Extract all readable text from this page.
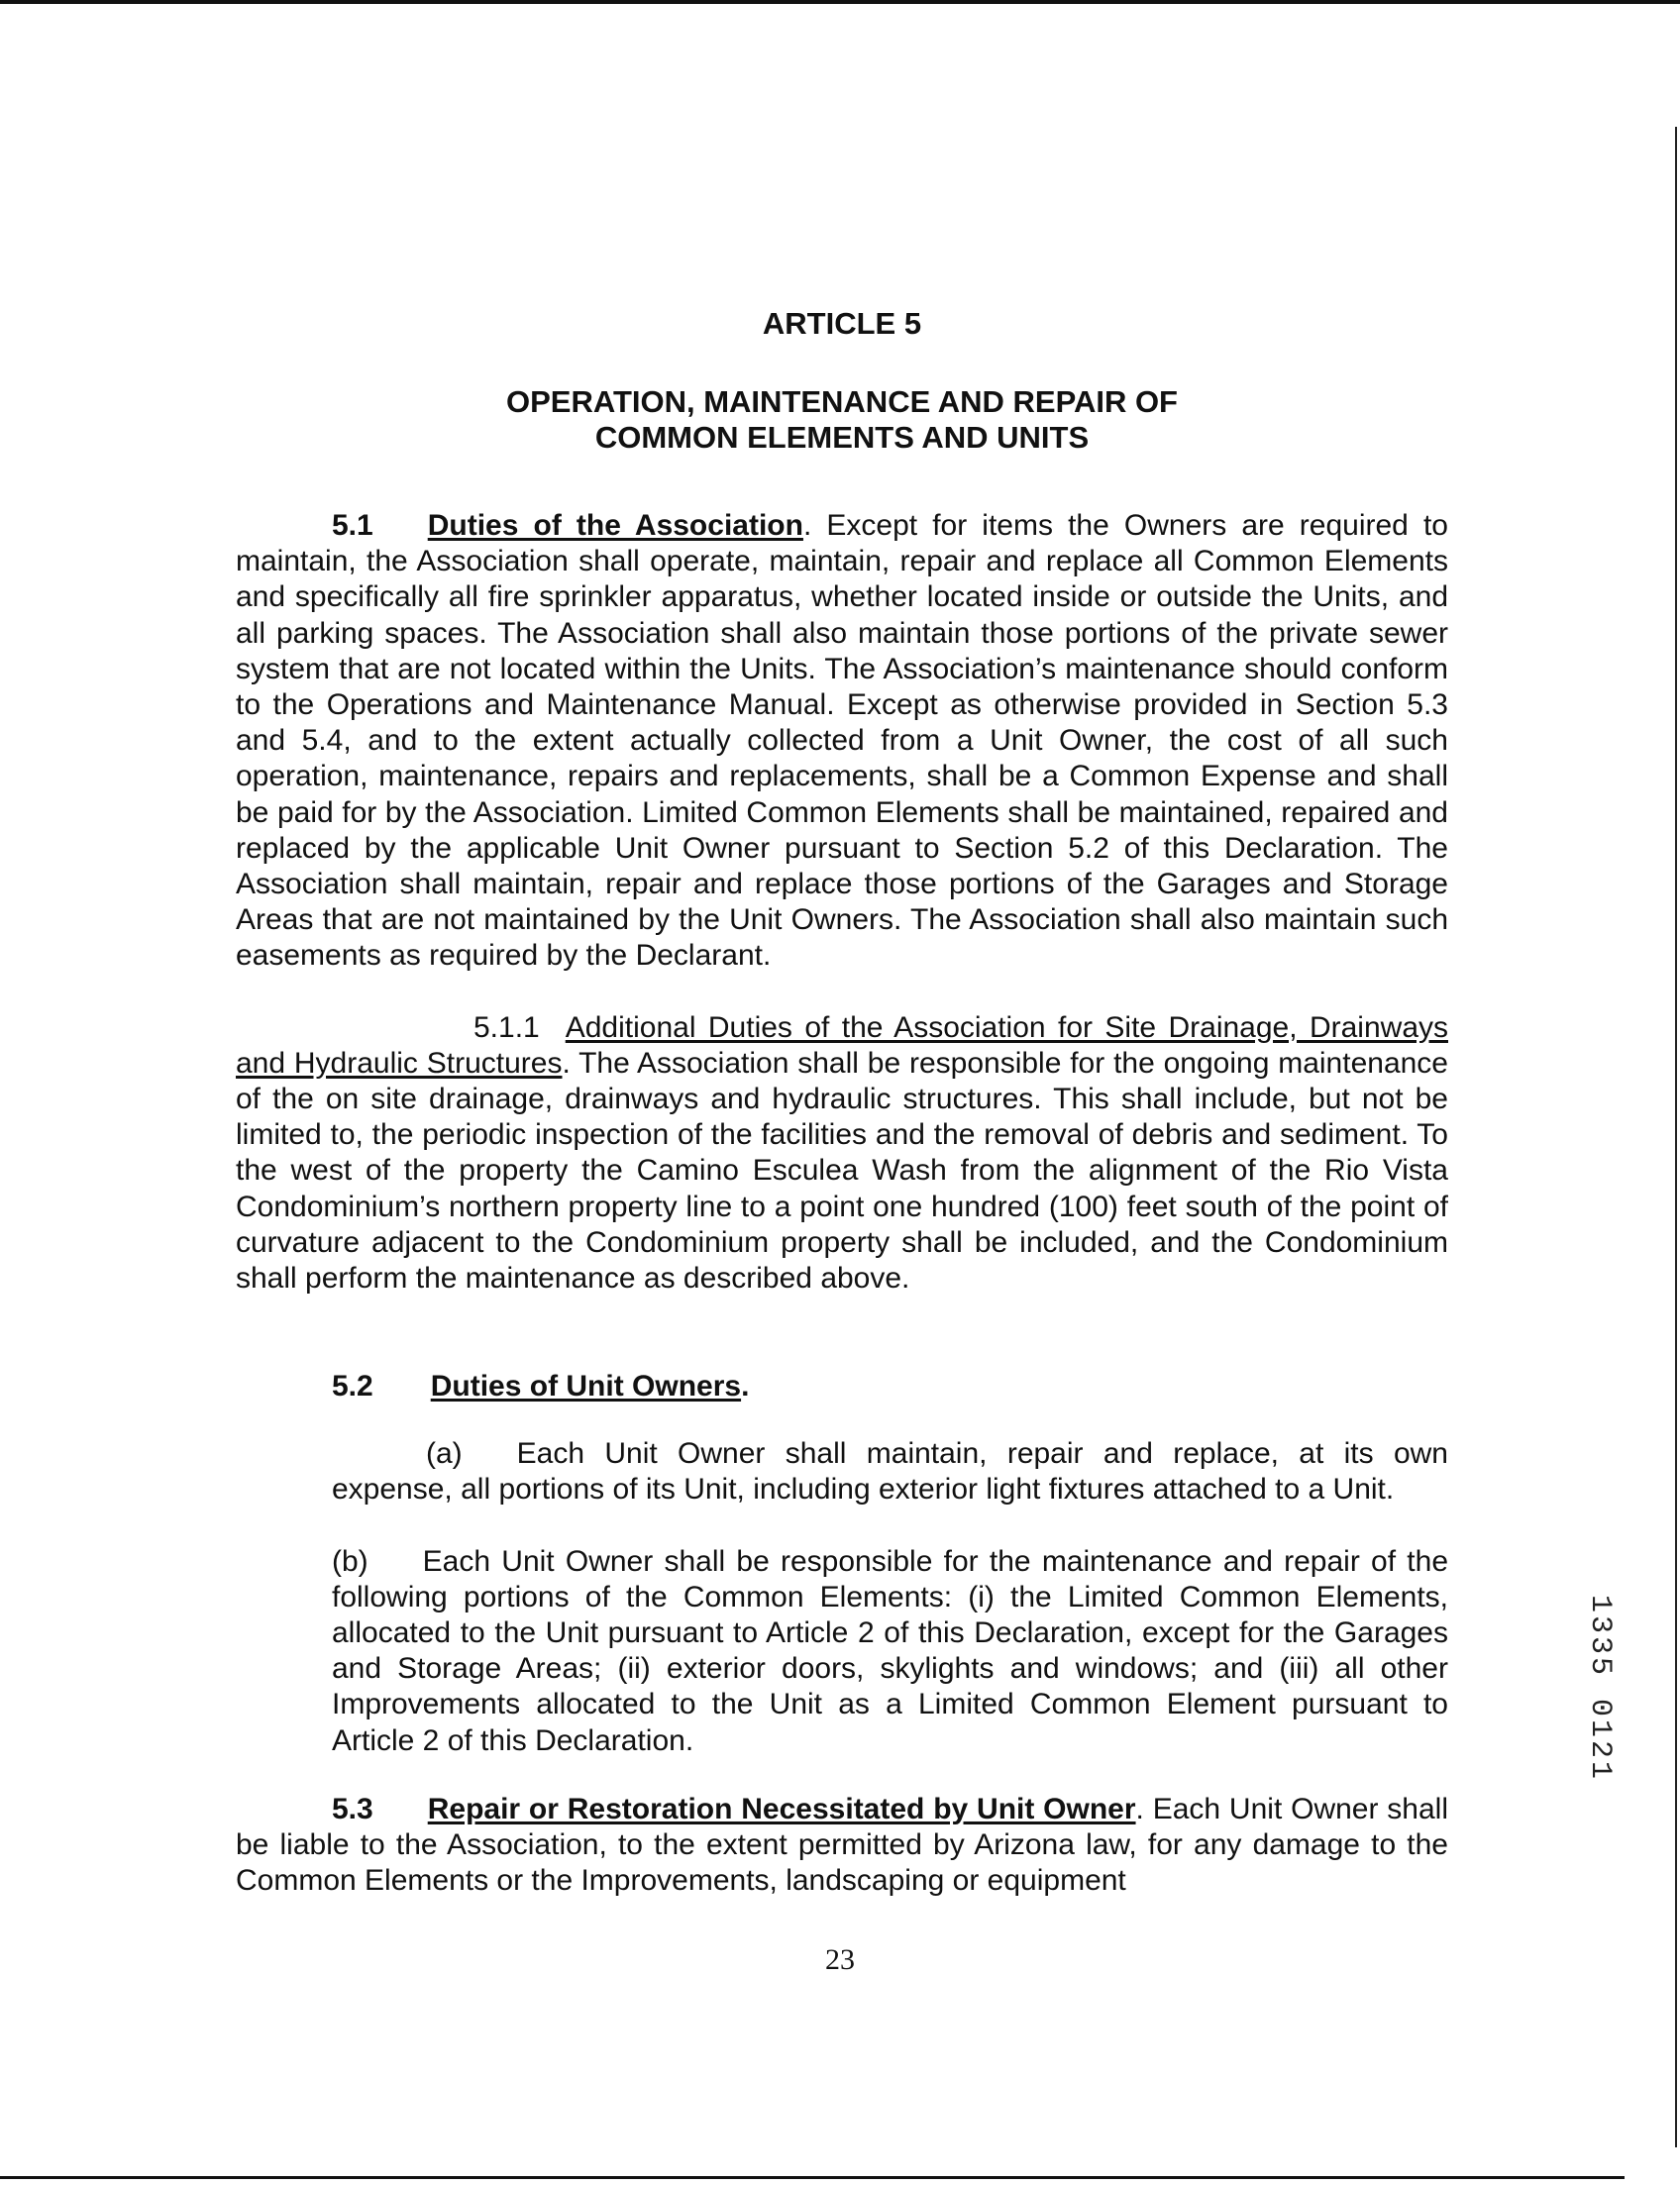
ARTICLE 5
OPERATION, MAINTENANCE AND REPAIR OF
COMMON ELEMENTS AND UNITS

5.1 Duties of the Association. Except for items the Owners are required to maintain, the Association shall operate, maintain, repair and replace all Common Elements and specifically all fire sprinkler apparatus, whether located inside or outside the Units, and all parking spaces. The Association shall also maintain those portions of the private sewer system that are not located within the Units. The Association’s maintenance should conform to the Operations and Maintenance Manual. Except as otherwise provided in Section 5.3 and 5.4, and to the extent actually collected from a Unit Owner, the cost of all such operation, maintenance, repairs and replacements, shall be a Common Expense and shall be paid for by the Association. Limited Common Elements shall be maintained, repaired and replaced by the applicable Unit Owner pursuant to Section 5.2 of this Declaration. The Association shall maintain, repair and replace those portions of the Garages and Storage Areas that are not maintained by the Unit Owners. The Association shall also maintain such easements as required by the Declarant.

5.1.1 Additional Duties of the Association for Site Drainage, Drainways and Hydraulic Structures. The Association shall be responsible for the ongoing maintenance of the on site drainage, drainways and hydraulic structures. This shall include, but not be limited to, the periodic inspection of the facilities and the removal of debris and sediment. To the west of the property the Camino Esculea Wash from the alignment of the Rio Vista Condominium’s northern property line to a point one hundred (100) feet south of the point of curvature adjacent to the Condominium property shall be included, and the Condominium shall perform the maintenance as described above.

5.2 Duties of Unit Owners.

(a) Each Unit Owner shall maintain, repair and replace, at its own expense, all portions of its Unit, including exterior light fixtures attached to a Unit.

(b) Each Unit Owner shall be responsible for the maintenance and repair of the following portions of the Common Elements: (i) the Limited Common Elements, allocated to the Unit pursuant to Article 2 of this Declaration, except for the Garages and Storage Areas; (ii) exterior doors, skylights and windows; and (iii) all other Improvements allocated to the Unit as a Limited Common Element pursuant to Article 2 of this Declaration.

5.3 Repair or Restoration Necessitated by Unit Owner. Each Unit Owner shall be liable to the Association, to the extent permitted by Arizona law, for any damage to the Common Elements or the Improvements, landscaping or equipment

23
1335 0121
